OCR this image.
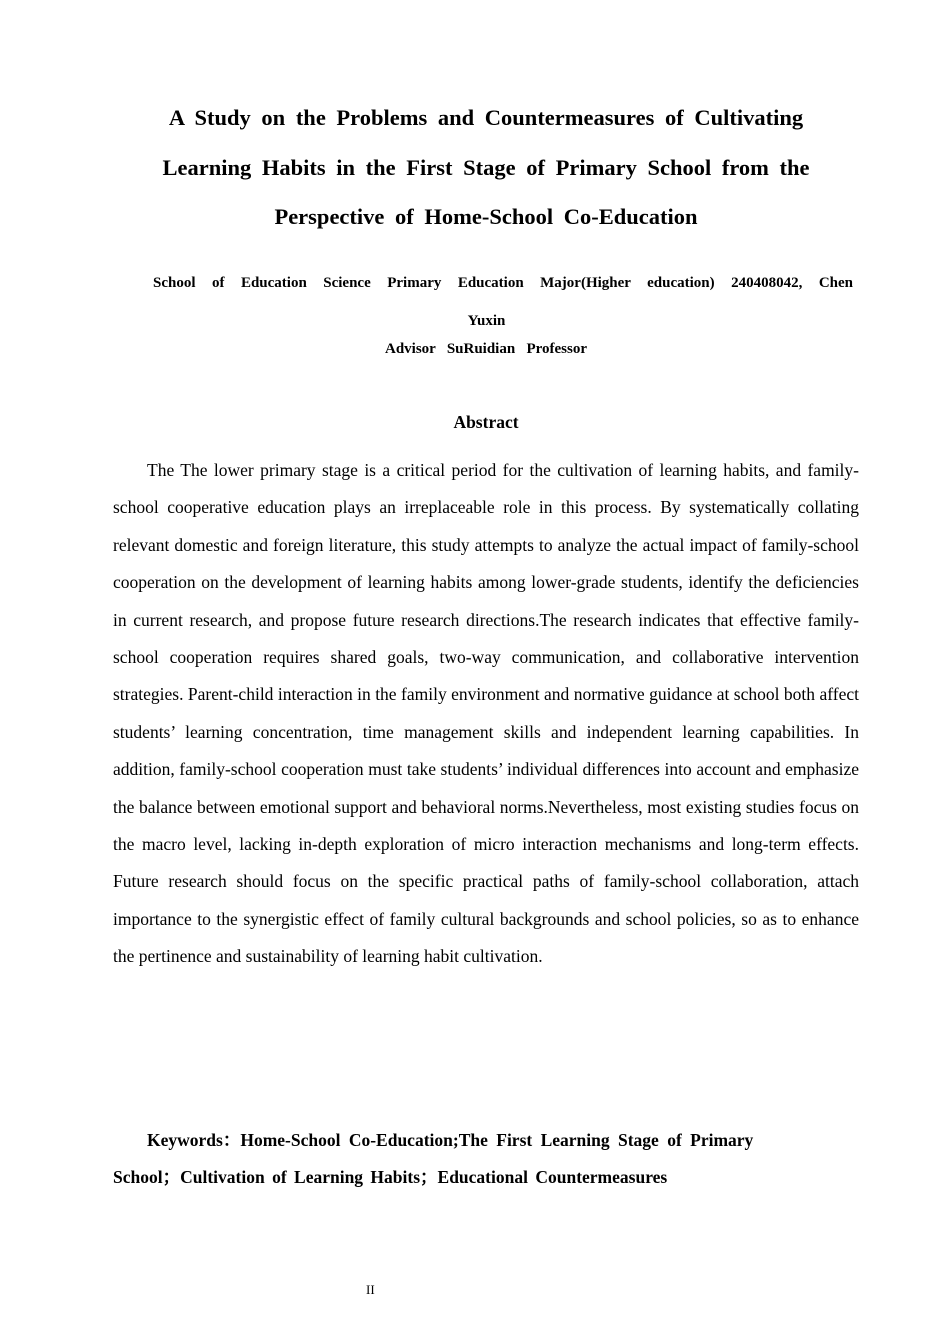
A Study on the Problems and Countermeasures of Cultivating
Learning Habits in the First Stage of Primary School from the
Perspective of Home-School Co-Education
School of Education Science Primary Education Major(Higher education) 240408042, Chen
Yuxin
Advisor   SuRuidian   Professor
Abstract

The The lower primary stage is a critical period for the cultivation of learning habits, and family-school cooperative education plays an irreplaceable role in this process. By systematically collating relevant domestic and foreign literature, this study attempts to analyze the actual impact of family-school cooperation on the development of learning habits among lower-grade students, identify the deficiencies in current research, and propose future research directions.The research indicates that effective family-school cooperation requires shared goals, two-way communication, and collaborative intervention strategies. Parent-child interaction in the family environment and normative guidance at school both affect students’ learning concentration, time management skills and independent learning capabilities. In addition, family-school cooperation must take students’ individual differences into account and emphasize the balance between emotional support and behavioral norms.Nevertheless, most existing studies focus on the macro level, lacking in-depth exploration of micro interaction mechanisms and long-term effects. Future research should focus on the specific practical paths of family-school collaboration, attach importance to the synergistic effect of family cultural backgrounds and school policies, so as to enhance the pertinence and sustainability of learning habit cultivation.

Keywords：Home-School Co-Education;The First Learning Stage of Primary
School；Cultivation of Learning Habits；Educational Countermeasures
II
